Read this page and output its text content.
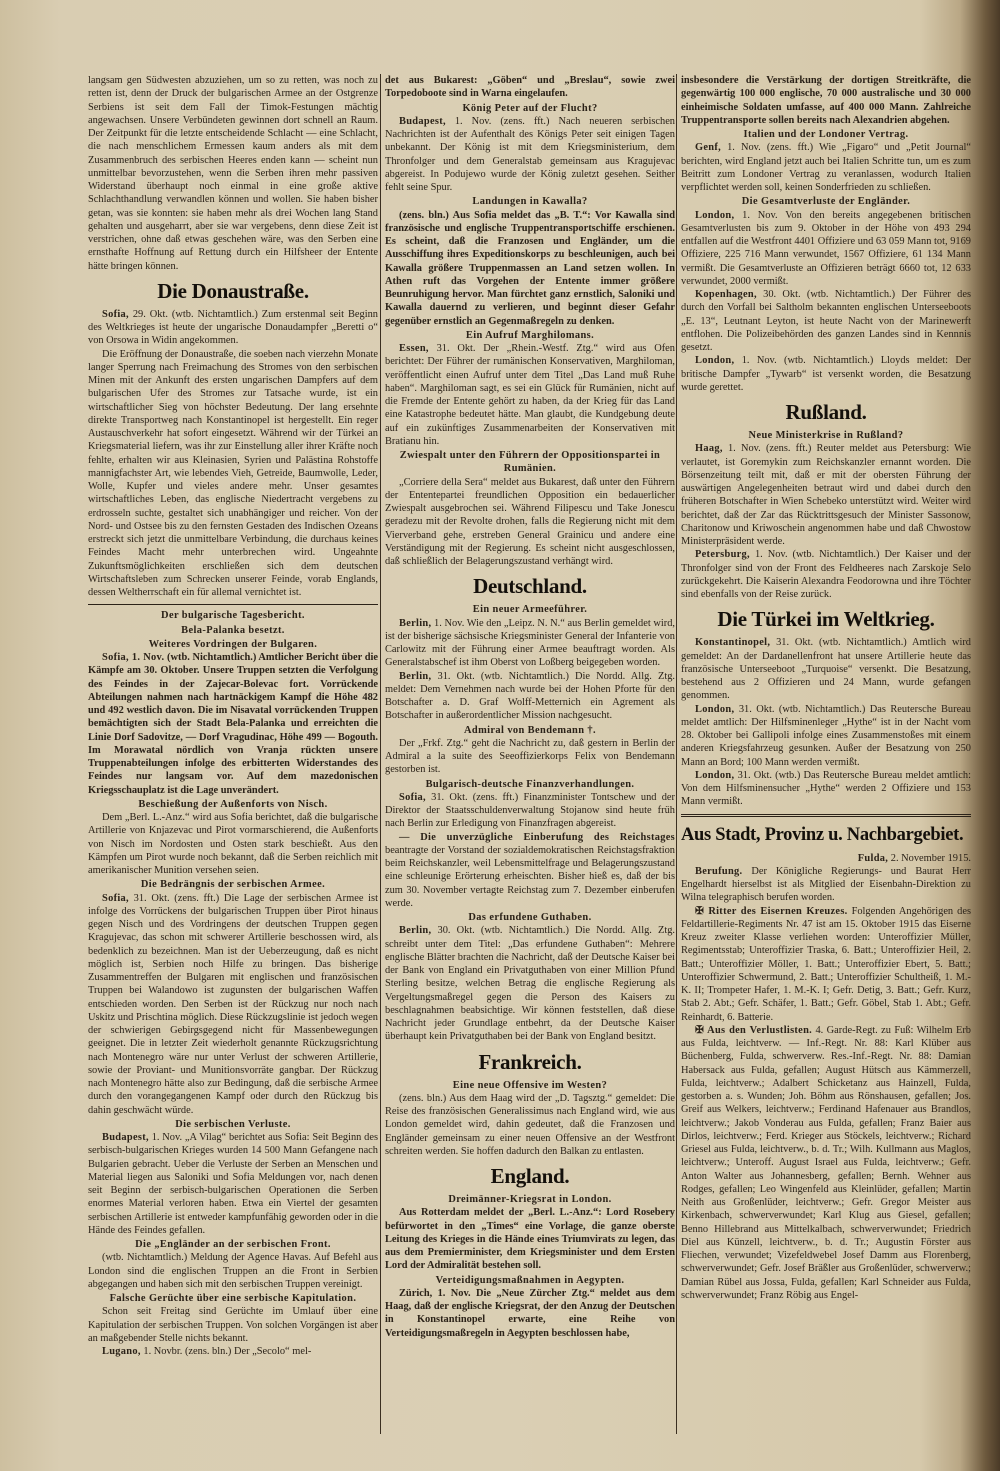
langsam gen Südwesten abzuziehen, um so zu retten, was noch zu retten ist, denn der Druck der bulgarischen Armee an der Ostgrenze Serbiens ist seit dem Fall der Timok-Festungen mächtig angewachsen. Unsere Verbündeten gewinnen dort schnell an Raum. Der Zeitpunkt für die letzte entscheidende Schlacht — eine Schlacht, die nach menschlichem Ermessen kaum anders als mit dem Zusammenbruch des serbischen Heeres enden kann — scheint nun unmittelbar bevorzustehen, wenn die Serben ihren mehr passiven Widerstand überhaupt noch einmal in eine große aktive Schlachthandlung verwandlen können und wollen. Sie haben bisher getan, was sie konnten: sie haben mehr als drei Wochen lang Stand gehalten und ausgeharrt, aber sie war vergebens, denn diese Zeit ist verstrichen, ohne daß etwas geschehen wäre, was den Serben eine ernsthafte Hoffnung auf Rettung durch ein Hilfsheer der Entente hätte bringen können.

Die Donaustraße.

Sofia, 29. Okt. (wtb. Nichtamtlich.) Zum erstenmal seit Beginn des Weltkrieges ist heute der ungarische Donaudampfer „Beretti o“ von Orsowa in Widin angekommen.

Die Eröffnung der Donaustraße, die soeben nach vierzehn Monate langer Sperrung nach Freimachung des Stromes von den serbischen Minen mit der Ankunft des ersten ungarischen Dampfers auf dem bulgarischen Ufer des Stromes zur Tatsache wurde, ist ein wirtschaftlicher Sieg von höchster Bedeutung. Der lang ersehnte direkte Transportweg nach Konstantinopel ist hergestellt. Ein reger Austauschverkehr hat sofort eingesetzt. Während wir der Türkei an Kriegsmaterial liefern, was ihr zur Einstellung aller ihrer Kräfte noch fehlte, erhalten wir aus Kleinasien, Syrien und Palästina Rohstoffe mannigfachster Art, wie lebendes Vieh, Getreide, Baumwolle, Leder, Wolle, Kupfer und vieles andere mehr. Unser gesamtes wirtschaftliches Leben, das englische Niedertracht vergebens zu erdrosseln suchte, gestaltet sich unabhängiger und reicher. Von der Nord- und Ostsee bis zu den fernsten Gestaden des Indischen Ozeans erstreckt sich jetzt die unmittelbare Verbindung, die durchaus keines Feindes Macht mehr unterbrechen wird. Ungeahnte Zukunftsmöglichkeiten erschließen sich dem deutschen Wirtschaftsleben zum Schrecken unserer Feinde, vorab Englands, dessen Weltherrschaft ein für allemal vernichtet ist.

Der bulgarische Tagesbericht.
Bela-Palanka besetzt.
Weiteres Vordringen der Bulgaren.

Sofia, 1. Nov. (wtb. Nichtamtlich.) Amtlicher Bericht über die Kämpfe am 30. Oktober. Unsere Truppen setzten die Verfolgung des Feindes in der Zajecar-Bolevac fort. Vorrückende Abteilungen nahmen nach hartnäckigem Kampf die Höhe 482 und 492 westlich davon. Die im Nisavatal vorrückenden Truppen bemächtigten sich der Stadt Bela-Palanka und erreichten die Linie Dorf Sadovitze, — Dorf Vragudinac, Höhe 499 — Bogouth. Im Morawatal nördlich von Vranja rückten unsere Truppenabteilungen infolge des erbitterten Widerstandes des Feindes nur langsam vor. Auf dem mazedonischen Kriegsschauplatz ist die Lage unverändert.

Beschießung der Außenforts von Nisch.

Dem „Berl. L.-Anz.“ wird aus Sofia berichtet, daß die bulgarische Artillerie von Knjazevac und Pirot vormarschierend, die Außenforts von Nisch im Nordosten und Osten stark beschießt. Aus den Kämpfen um Pirot wurde noch bekannt, daß die Serben reichlich mit amerikanischer Munition versehen seien.

Die Bedrängnis der serbischen Armee.

Sofia, 31. Okt. (zens. fft.) Die Lage der serbischen Armee ist infolge des Vorrückens der bulgarischen Truppen über Pirot hinaus gegen Nisch und des Vordringens der deutschen Truppen gegen Kragujevac, das schon mit schwerer Artillerie beschossen wird, als bedenklich zu bezeichnen. Man ist der Ueberzeugung, daß es nicht möglich ist, Serbien noch Hilfe zu bringen. Das bisherige Zusammentreffen der Bulgaren mit englischen und französischen Truppen bei Walandowo ist zugunsten der bulgarischen Waffen entschieden worden. Den Serben ist der Rückzug nur noch nach Uskitz und Prischtina möglich. Diese Rückzugslinie ist jedoch wegen der schwierigen Gebirgsgegend nicht für Massenbewegungen geeignet. Die in letzter Zeit wiederholt genannte Rückzugsrichtung nach Montenegro wäre nur unter Verlust der schweren Artillerie, sowie der Proviant- und Munitionsvorräte gangbar. Der Rückzug nach Montenegro hätte also zur Bedingung, daß die serbische Armee durch den vorangegangenen Kampf oder durch den Rückzug bis dahin geschwächt würde.

Die serbischen Verluste.

Budapest, 1. Nov. „A Vilag“ berichtet aus Sofia: Seit Beginn des serbisch-bulgarischen Krieges wurden 14 500 Mann Gefangene nach Bulgarien gebracht. Ueber die Verluste der Serben an Menschen und Material liegen aus Saloniki und Sofia Meldungen vor, nach denen seit Beginn der serbisch-bulgarischen Operationen die Serben enormes Material verloren haben. Etwa ein Viertel der gesamten serbischen Artillerie ist entweder kampfunfähig geworden oder in die Hände des Feindes gefallen.

Die „Engländer an der serbischen Front.

(wtb. Nichtamtlich.) Meldung der Agence Havas. Auf Befehl aus London sind die englischen Truppen an die Front in Serbien abgegangen und haben sich mit den serbischen Truppen vereinigt.

Falsche Gerüchte über eine serbische Kapitulation.

Schon seit Freitag sind Gerüchte im Umlauf über eine Kapitulation der serbischen Truppen. Von solchen Vorgängen ist aber an maßgebender Stelle nichts bekannt.

Lugano, 1. Novbr. (zens. bln.) Der „Secolo“ mel-

det aus Bukarest: „Göben“ und „Breslau“, sowie zwei Torpedoboote sind in Warna eingelaufen.

König Peter auf der Flucht?

Budapest, 1. Nov. (zens. fft.) Nach neueren serbischen Nachrichten ist der Aufenthalt des Königs Peter seit einigen Tagen unbekannt. Der König ist mit dem Kriegsministerium, dem Thronfolger und dem Generalstab gemeinsam aus Kragujevac abgereist. In Podujewo wurde der König zuletzt gesehen. Seither fehlt seine Spur.

Landungen in Kawalla?

(zens. bln.) Aus Sofia meldet das „B. T.“: Vor Kawalla sind französische und englische Truppentransportschiffe erschienen. Es scheint, daß die Franzosen und Engländer, um die Ausschiffung ihres Expeditionskorps zu beschleunigen, auch bei Kawalla größere Truppenmassen an Land setzen wollen. In Athen ruft das Vorgehen der Entente immer größere Beunruhigung hervor. Man fürchtet ganz ernstlich, Saloniki und Kawalla dauernd zu verlieren, und beginnt dieser Gefahr gegenüber ernstlich an Gegenmaßregeln zu denken.

Ein Aufruf Marghilomans.

Essen, 31. Okt. Der „Rhein.-Westf. Ztg.“ wird aus Ofen berichtet: Der Führer der rumänischen Konservativen, Marghiloman, veröffentlicht einen Aufruf unter dem Titel „Das Land muß Ruhe haben“. Marghiloman sagt, es sei ein Glück für Rumänien, nicht auf die Fremde der Entente gehört zu haben, da der Krieg für das Land eine Katastrophe bedeutet hätte. Man glaubt, die Kundgebung deute auf ein zukünftiges Zusammenarbeiten der Konservativen mit Bratianu hin.

Zwiespalt unter den Führern der Oppositionspartei in Rumänien.

„Corriere della Sera“ meldet aus Bukarest, daß unter den Führern der Ententepartei freundlichen Opposition ein bedauerlicher Zwiespalt ausgebrochen sei. Während Filipescu und Take Jonescu geradezu mit der Revolte drohen, falls die Regierung nicht mit dem Vierverband gehe, erstreben General Grainicu und andere eine Verständigung mit der Regierung. Es scheint nicht ausgeschlossen, daß schließlich der Belagerungszustand verhängt wird.

Deutschland.
Ein neuer Armeeführer.

Berlin, 1. Nov. Wie den „Leipz. N. N.“ aus Berlin gemeldet wird, ist der bisherige sächsische Kriegsminister General der Infanterie von Carlowitz mit der Führung einer Armee beauftragt worden. Als Generalstabschef ist ihm Oberst von Loßberg beigegeben worden.

Berlin, 31. Okt. (wtb. Nichtamtlich.) Die Nordd. Allg. Ztg. meldet: Dem Vernehmen nach wurde bei der Hohen Pforte für den Botschafter a. D. Graf Wolff-Metternich ein Agrement als Botschafter in außerordentlicher Mission nachgesucht.

Admiral von Bendemann †.

Der „Frkf. Ztg.“ geht die Nachricht zu, daß gestern in Berlin der Admiral a la suite des Seeoffizierkorps Felix von Bendemann gestorben ist.

Bulgarisch-deutsche Finanzverhandlungen.

Sofia, 31. Okt. (zens. fft.) Finanzminister Tontschew und der Direktor der Staatsschuldenverwaltung Stojanow sind heute früh nach Berlin zur Erledigung von Finanzfragen abgereist.

— Die unverzügliche Einberufung des Reichstages beantragte der Vorstand der sozialdemokratischen Reichstagsfraktion beim Reichskanzler, weil Lebensmittelfrage und Belagerungszustand eine schleunige Erörterung erheischten. Bisher hieß es, daß der bis zum 30. November vertagte Reichstag zum 7. Dezember einberufen werde.

Das erfundene Guthaben.

Berlin, 30. Okt. (wtb. Nichtamtlich.) Die Nordd. Allg. Ztg. schreibt unter dem Titel: „Das erfundene Guthaben“: Mehrere englische Blätter brachten die Nachricht, daß der Deutsche Kaiser bei der Bank von England ein Privatguthaben von einer Million Pfund Sterling besitze, welchen Betrag die englische Regierung als Vergeltungsmaßregel gegen die Person des Kaisers zu beschlagnahmen beabsichtige. Wir können feststellen, daß diese Nachricht jeder Grundlage entbehrt, da der Deutsche Kaiser überhaupt kein Privatguthaben bei der Bank von England besitzt.

Frankreich.
Eine neue Offensive im Westen?

(zens. bln.) Aus dem Haag wird der „D. Tagsztg.“ gemeldet: Die Reise des französischen Generalissimus nach England wird, wie aus London gemeldet wird, dahin gedeutet, daß die Franzosen und Engländer gemeinsam zu einer neuen Offensive an der Westfront schreiten werden. Sie hoffen dadurch den Balkan zu entlasten.

England.
Dreimänner-Kriegsrat in London.

Aus Rotterdam meldet der „Berl. L.-Anz.“: Lord Rosebery befürwortet in den „Times“ eine Vorlage, die ganze oberste Leitung des Krieges in die Hände eines Triumvirats zu legen, das aus dem Premierminister, dem Kriegsminister und dem Ersten Lord der Admiralität bestehen soll.

Verteidigungsmaßnahmen in Aegypten.

Zürich, 1. Nov. Die „Neue Zürcher Ztg.“ meldet aus dem Haag, daß der englische Kriegsrat, der den Anzug der Deutschen in Konstantinopel erwarte, eine Reihe von Verteidigungsmaßregeln in Aegypten beschlossen habe,

insbesondere die Verstärkung der dortigen Streitkräfte, die gegenwärtig 100 000 englische, 70 000 australische und 30 000 einheimische Soldaten umfasse, auf 400 000 Mann. Zahlreiche Truppentransporte sollen bereits nach Alexandrien abgehen.

Italien und der Londoner Vertrag.

Genf, 1. Nov. (zens. fft.) Wie „Figaro“ und „Petit Journal“ berichten, wird England jetzt auch bei Italien Schritte tun, um es zum Beitritt zum Londoner Vertrag zu veranlassen, wodurch Italien verpflichtet werden soll, keinen Sonderfrieden zu schließen.

Die Gesamtverluste der Engländer.

London, 1. Nov. Von den bereits angegebenen britischen Gesamtverlusten bis zum 9. Oktober in der Höhe von 493 294 entfallen auf die Westfront 4401 Offiziere und 63 059 Mann tot, 9169 Offiziere, 225 716 Mann verwundet, 1567 Offiziere, 61 134 Mann vermißt. Die Gesamtverluste an Offizieren beträgt 6660 tot, 12 633 verwundet, 2000 vermißt.

Kopenhagen, 30. Okt. (wtb. Nichtamtlich.) Der Führer des durch den Vorfall bei Saltholm bekannten englischen Unterseeboots „E. 13“, Leutnant Leyton, ist heute Nacht von der Marinewerft entflohen. Die Polizeibehörden des ganzen Landes sind in Kennnis gesetzt.

London, 1. Nov. (wtb. Nichtamtlich.) Lloyds meldet: Der britische Dampfer „Tywarb“ ist versenkt worden, die Besatzung wurde gerettet.

Rußland.
Neue Ministerkrise in Rußland?

Haag, 1. Nov. (zens. fft.) Reuter meldet aus Petersburg: Wie verlautet, ist Goremykin zum Reichskanzler ernannt worden. Die Börsenzeitung teilt mit, daß er mit der obersten Führung der auswärtigen Angelegenheiten betraut wird und dabei durch den früheren Botschafter in Wien Schebeko unterstützt wird. Weiter wird berichtet, daß der Zar das Rücktrittsgesuch der Minister Sassonow, Charitonow und Kriwoschein angenommen habe und daß Chwostow Ministerpräsident werde.

Petersburg, 1. Nov. (wtb. Nichtamtlich.) Der Kaiser und der Thronfolger sind von der Front des Feldheeres nach Zarskoje Selo zurückgekehrt. Die Kaiserin Alexandra Feodorowna und ihre Töchter sind ebenfalls von der Reise zurück.

Die Türkei im Weltkrieg.

Konstantinopel, 31. Okt. (wtb. Nichtamtlich.) Amtlich wird gemeldet: An der Dardanellenfront hat unsere Artillerie heute das französische Unterseeboot „Turquoise“ versenkt. Die Besatzung, bestehend aus 2 Offizieren und 24 Mann, wurde gefangen genommen.

London, 31. Okt. (wtb. Nichtamtlich.) Das Reutersche Bureau meldet amtlich: Der Hilfsminenleger „Hythe“ ist in der Nacht vom 28. Oktober bei Gallipoli infolge eines Zusammenstoßes mit einem anderen Kriegsfahrzeug gesunken. Außer der Besatzung von 250 Mann an Bord; 100 Mann werden vermißt.

London, 31. Okt. (wtb.) Das Reutersche Bureau meldet amtlich: Von dem Hilfsminensucher „Hythe“ werden 2 Offiziere und 153 Mann vermißt.

Aus Stadt, Provinz u. Nachbargebiet.

Fulda, 2. November 1915.

Berufung. Der Königliche Regierungs- und Baurat Herr Engelhardt hierselbst ist als Mitglied der Eisenbahn-Direktion zu Wilna telegraphisch berufen worden.

✠ Ritter des Eisernen Kreuzes. Folgenden Angehörigen des Feldartillerie-Regiments Nr. 47 ist am 15. Oktober 1915 das Eiserne Kreuz zweiter Klasse verliehen worden: Unteroffizier Müller, Regimentsstab; Unteroffizier Traska, 6. Batt.; Unteroffizier Heil, 2. Batt.; Unteroffizier Möller, 1. Batt.; Unteroffizier Ebert, 5. Batt.; Unteroffizier Schwermund, 2. Batt.; Unteroffizier Schultheiß, 1. M.-K. II; Trompeter Hafer, 1. M.-K. I; Gefr. Detig, 3. Batt.; Gefr. Kurz, Stab 2. Abt.; Gefr. Schäfer, 1. Batt.; Gefr. Göbel, Stab 1. Abt.; Gefr. Reinhardt, 6. Batterie.

✠ Aus den Verlustlisten. 4. Garde-Regt. zu Fuß: Wilhelm Erb aus Fulda, leichtverw. — Inf.-Regt. Nr. 88: Karl Klüber aus Büchenberg, Fulda, schwerverw. Res.-Inf.-Regt. Nr. 88: Damian Habersack aus Fulda, gefallen; August Hütsch aus Kämmerzell, Fulda, leichtverw.; Adalbert Schicketanz aus Hainzell, Fulda, gestorben a. s. Wunden; Joh. Böhm aus Rönshausen, gefallen; Jos. Greif aus Welkers, leichtverw.; Ferdinand Hafenauer aus Brandlos, leichtverw.; Jakob Vonderau aus Fulda, gefallen; Franz Baier aus Dirlos, leichtverw.; Ferd. Krieger aus Stöckels, leichtverw.; Richard Griesel aus Fulda, leichtverw., b. d. Tr.; Wilh. Kullmann aus Maglos, leichtverw.; Unteroff. August Israel aus Fulda, leichtverw.; Gefr. Anton Walter aus Johannesberg, gefallen; Bernh. Wehner aus Rodges, gefallen; Leo Wingenfeld aus Kleinlüder, gefallen; Martin Neith aus Großenlüder, leichtverw.; Gefr. Gregor Meister aus Kirkenbach, schwerverwundet; Karl Klug aus Giesel, gefallen; Benno Hillebrand aus Mittelkalbach, schwerverwundet; Friedrich Diel aus Künzell, leichtverw., b. d. Tr.; Augustin Förster aus Fliechen, verwundet; Vizefeldwebel Josef Damm aus Florenberg, schwerverwundet; Gefr. Josef Bräßler aus Großenlüder, schwerverw.; Damian Rübel aus Jossa, Fulda, gefallen; Karl Schneider aus Fulda, schwerverwundet; Franz Röbig aus Engel-
